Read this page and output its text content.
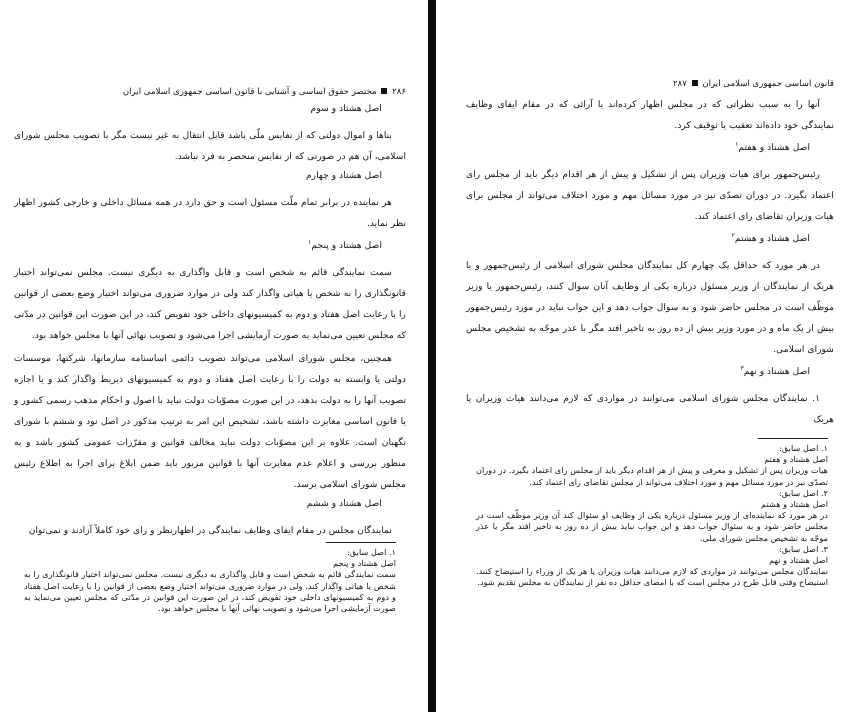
۲۸۶  مختصر حقوق اساسی و آشنایی با قانون اساسی جمهوری اسلامی ایران
اصل هشتاد و سوم
بناها و اموال دولتی که از نفایس ملّی باشد قابل انتقال به غیر نیست مگر با تصویب مجلس شورای اسلامی، آن هم در صورتی که از نفایس منحصر به فرد نباشد.
اصل هشتاد و چهارم
هر نماینده در برابر تمام ملّت مسئول است و حق دارد در همه مسائل داخلی و خارجی کشور اظهار نظر نماید.
اصل هشتاد و پنجم$^۱$
سمت نمایندگی قائم به شخص است و قابل واگذاری به دیگری نیست. مجلس نمی‌تواند اختیار قانونگذاری را به شخص یا هیاتی واگذار کند ولی در موارد ضروری می‌تواند اختیار وضع بعضی از قوانین را با رعایت اصل هفتاد و دوم به کمیسیونهای داخلی خود تفویض کند، در این صورت این قوانین در مدّتی که مجلس تعیین می‌نماید به صورت آزمایشی اجرا می‌شود و تصویب نهائی آنها با مجلس خواهد بود.
همچنین، مجلس شورای اسلامی می‌تواند تصویب دائمی اساسنامه سازمانها، شرکتها، موسسات دولتی یا وابسته به دولت را با رعایت اصل هفتاد و دوم به کمیسیونهای ذیربط واگذار کند و یا اجازه تصویب آنها را به دولت بدهد، در این صورت مصوّبات دولت نباید با اصول و احکام مذهب رسمی کشور و یا قانون اساسی مغایرت داشته باشد، تشخیص این امر به ترتیب مذکور در اصل نود و ششم با شورای نگهبان است. علاوه بر این مصوّبات دولت نباید مخالف قوانین و مقرّرات عمومی کشور باشد و به منظور بررسی و اعلام عدم مغایرت آنها با قوانین مزبور باید ضمن ابلاغ برای اجرا به اطلاع رئیس مجلس شورای اسلامی برسد.
اصل هشتاد و ششم
نمایندگان مجلس در مقام ایفای وظایف نمایندگی در اظهارنظر و رای خود کاملاً آزادند و نمی‌توان
۱. اصل سابق:
اصل هشتاد و پنجم
سمت نمایندگی قائم به شخص است و قابل واگذاری به دیگری نیست. مجلس نمی‌تواند اختیار قانونگذاری را به شخص یا هیاتی واگذار کند، ولی در موارد ضروری می‌تواند اختیار وضع بعضی از قوانین را با رعایت اصل هفتاد و دوم به کمیسیونهای داخلی خود تفویض کند، در این صورت این قوانین در مدّتی که مجلس تعیین می‌نماید به صورت آزمایشی اجرا می‌شود و تصویب نهائی آنها با مجلس خواهد بود.
قانون اساسی جمهوری اسلامی ایران  ۲۸۷
آنها را به سبب نظراتی که در مجلس اظهار کرده‌اند یا آرائی که در مقام ایفای وظایف نمایندگی خود داده‌اند تعقیب یا توقیف کرد.
اصل هشتاد و هفتم$^۱$
رئیس‌جمهور برای هیات وزیران پس از تشکیل و پیش از هر اقدام دیگر باید از مجلس رای اعتماد بگیرد. در دوران تصدّی نیز در مورد مسائل مهم و مورد اختلاف می‌تواند از مجلس برای هیات وزیران تقاضای رای اعتماد کند.
اصل هشتاد و هشتم$^۲$
در هر مورد که حداقل یک چهارم کل نمایندگان مجلس شورای اسلامی از رئیس‌جمهور و یا هریک از نمایندگان از وزیر مسئول درباره یکی از وظایف آنان سوال کنند، رئیس‌جمهور یا وزیر موظّف است در مجلس حاضر شود و به سوال جواب دهد و این جواب نباید در مورد رئیس‌جمهور بیش از یک ماه و در مورد وزیر بیش از ده روز به تاخیر افتد مگر با عذر موجّه به تشخیص مجلس شورای اسلامی.
اصل هشتاد و نهم$^۳$
۱. نمایندگان مجلس شورای اسلامی می‌توانند در مواردی که لازم می‌دانند هیات وزیران یا هریک
۱. اصل سابق:
اصل هشتاد و هفتم
هیات وزیران پس از تشکیل و معرفی و پیش از هر اقدام دیگر باید از مجلس رای اعتماد بگیرد. در دوران تصدّی نیز در مورد مسائل مهم و مورد اختلاف می‌تواند از مجلس تقاضای رای اعتماد کند.
۲. اصل سابق:
اصل هشتاد و هشتم
در هر مورد که نماینده‌ای از وزیر مسئول درباره یکی از وظایف او سئوال کند آن وزیر موظّف است در مجلس حاضر شود و به سئوال جواب دهد و این جواب نباید بیش از ده روز به تاخیر افتد مگر با عذر موجّه به تشخیص مجلس شورای ملی.
۳. اصل سابق:
اصل هشتاد و نهم
نمایندگان مجلس می‌توانند در مواردی که لازم می‌دانند هیات وزیران یا هر یک از وزراء را استیضاح کنند. استیضاح وقتی قابل طرح در مجلس است که با امضای حداقل ده نفر از نمایندگان به مجلس تقدیم شود.
